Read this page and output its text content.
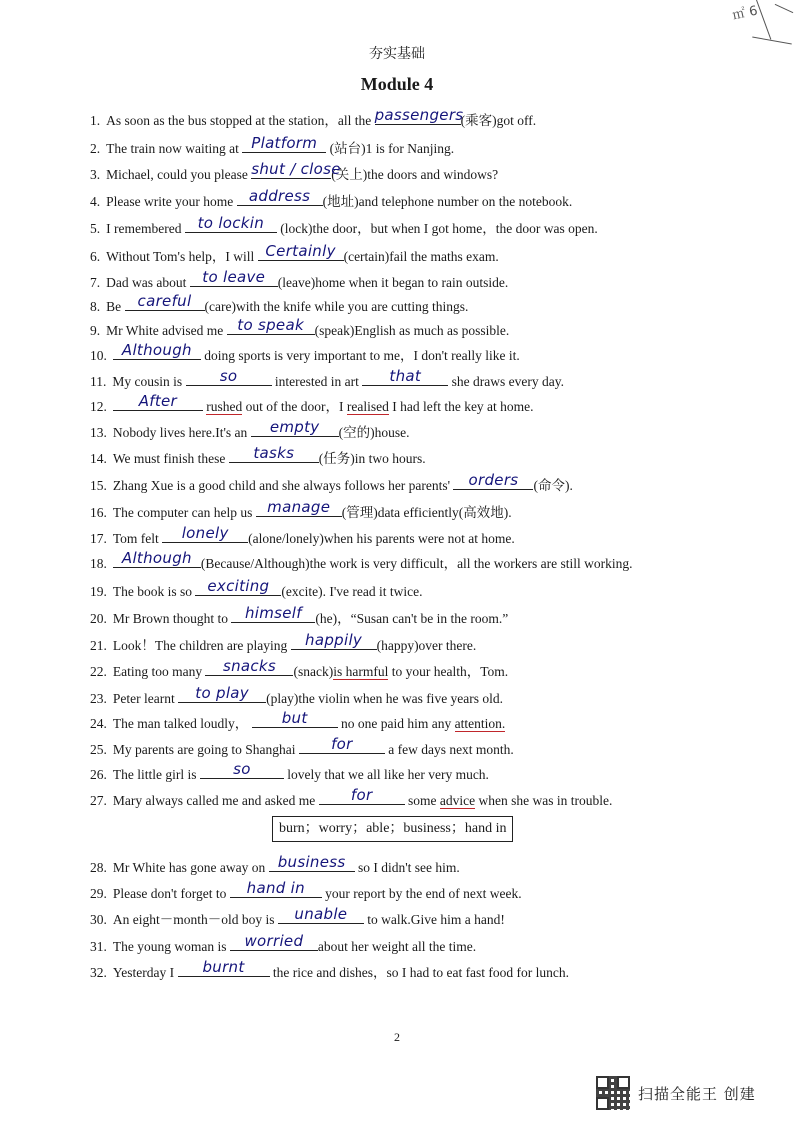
㎡ 6
夯实基础
Module 4
1. As soon as the bus stopped at the station，all the passengers
(乘客)got off.
2. The train now waiting at Platform (站台)1 is for Nanjing.
3. Michael, could you please shut / close
(关上)the doors and windows?
4. Please write your home	address (地址)and telephone number on the notebook.
5. I remembered	to lockin	(lock)the door，but when I got home，the door was open.
6. Without Tom's help，I will Certainly (certain)fail the maths exam.
7. Dad was about	to leave (leave)home when it began to rain outside.
8. Be	careful (care)with the knife while you are cutting things.
9. Mr White advised me to speak (speak)English as much as possible.
10.	Although doing sports is very important to me，I don't really like it.
11. My cousin is	so	interested in art	that	she draws every day.
12.	After	rushed out of the door，I realised I had left the key at home.
13. Nobody lives here.It's an	empty	(空的)house.
14. We must finish these	tasks	(任务)in two hours.
15. Zhang Xue is a good child and she always follows her parents'	orders	(命令).
16. The computer can help us manage (管理)data efficiently(高效地).
17. Tom felt	lonely	(alone/lonely)when his parents were not at home.
18.	Although (Because/Although)the work is very difficult，all the workers are still working.
19. The book is so	exciting (excite). I've read it twice.
20. Mr Brown thought to	himself	(he)，“Susan can't be in the room.”
21. Look！The children are playing	happily	(happy)over there.
22. Eating too many	snacks	(snack)is harmful to your health，Tom.
23. Peter learnt	to play	(play)the violin when he was five years old.
24. The man talked loudly，	but	no one paid him any attention.
25. My parents are going to Shanghai	for	a few days next month.
26. The little girl is	so	lovely that we all like her very much.
27. Mary always called me and asked me	for	some advice when she was in trouble.
burn；worry；able；business；hand in
28. Mr White has gone away on business so I didn't see him.
29. Please don't forget to	hand in	your report by the end of next week.
30. An eight－month－old boy is	unable	to walk.Give him a hand!
31. The young woman is	worried	about her weight all the time.
32. Yesterday I	burnt	the rice and dishes，so I had to eat fast food for lunch.
2
扫描全能王 创建
